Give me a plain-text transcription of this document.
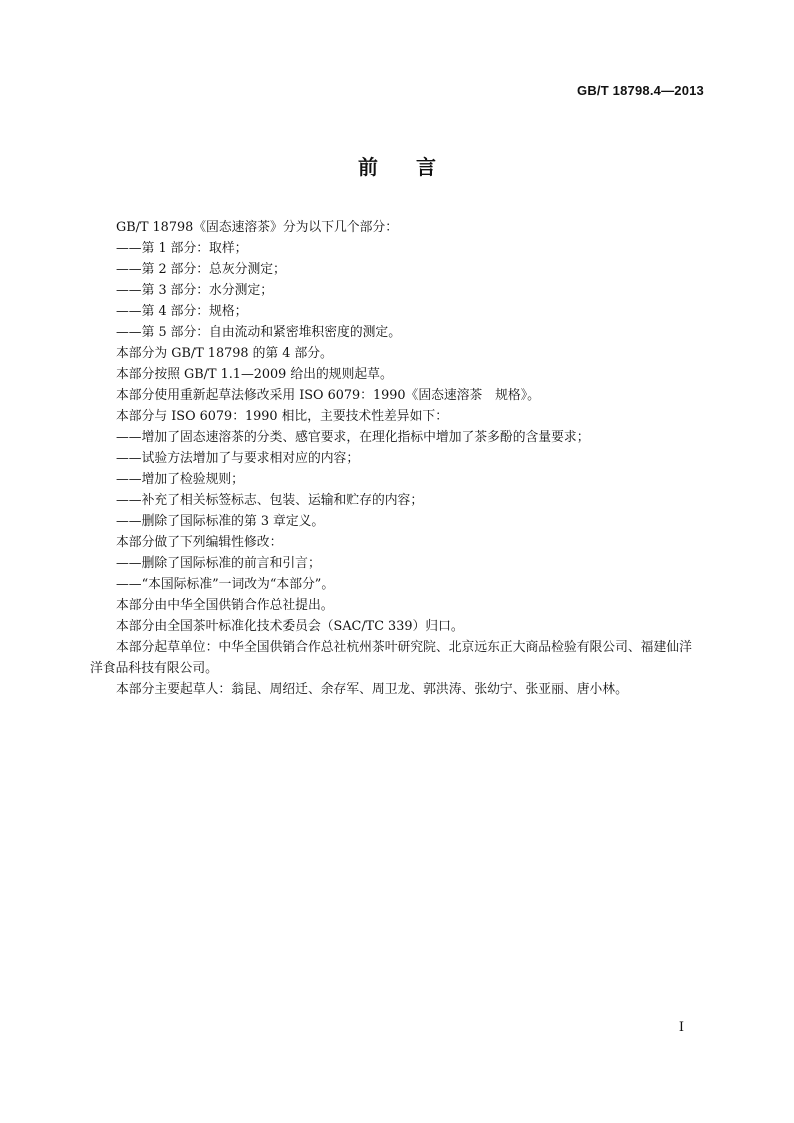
GB/T 18798.4—2013
前言

GB/T 18798《固态速溶茶》分为以下几个部分：

——第 1 部分：取样；

——第 2 部分：总灰分测定；

——第 3 部分：水分测定；

——第 4 部分：规格；

——第 5 部分：自由流动和紧密堆积密度的测定。

本部分为 GB/T 18798 的第 4 部分。

本部分按照 GB/T 1.1—2009 给出的规则起草。

本部分使用重新起草法修改采用 ISO 6079：1990《固态速溶茶　规格》。

本部分与 ISO 6079：1990 相比，主要技术性差异如下：

——增加了固态速溶茶的分类、感官要求，在理化指标中增加了茶多酚的含量要求；

——试验方法增加了与要求相对应的内容；

——增加了检验规则；

——补充了相关标签标志、包装、运输和贮存的内容；

——删除了国际标准的第 3 章定义。

本部分做了下列编辑性修改：

——删除了国际标准的前言和引言；

——“本国际标准”一词改为“本部分”。

本部分由中华全国供销合作总社提出。

本部分由全国茶叶标准化技术委员会（SAC/TC 339）归口。

本部分起草单位：中华全国供销合作总社杭州茶叶研究院、北京远东正大商品检验有限公司、福建仙洋洋食品科技有限公司。

本部分主要起草人：翁昆、周绍迁、余存军、周卫龙、郭洪涛、张幼宁、张亚丽、唐小林。

I
